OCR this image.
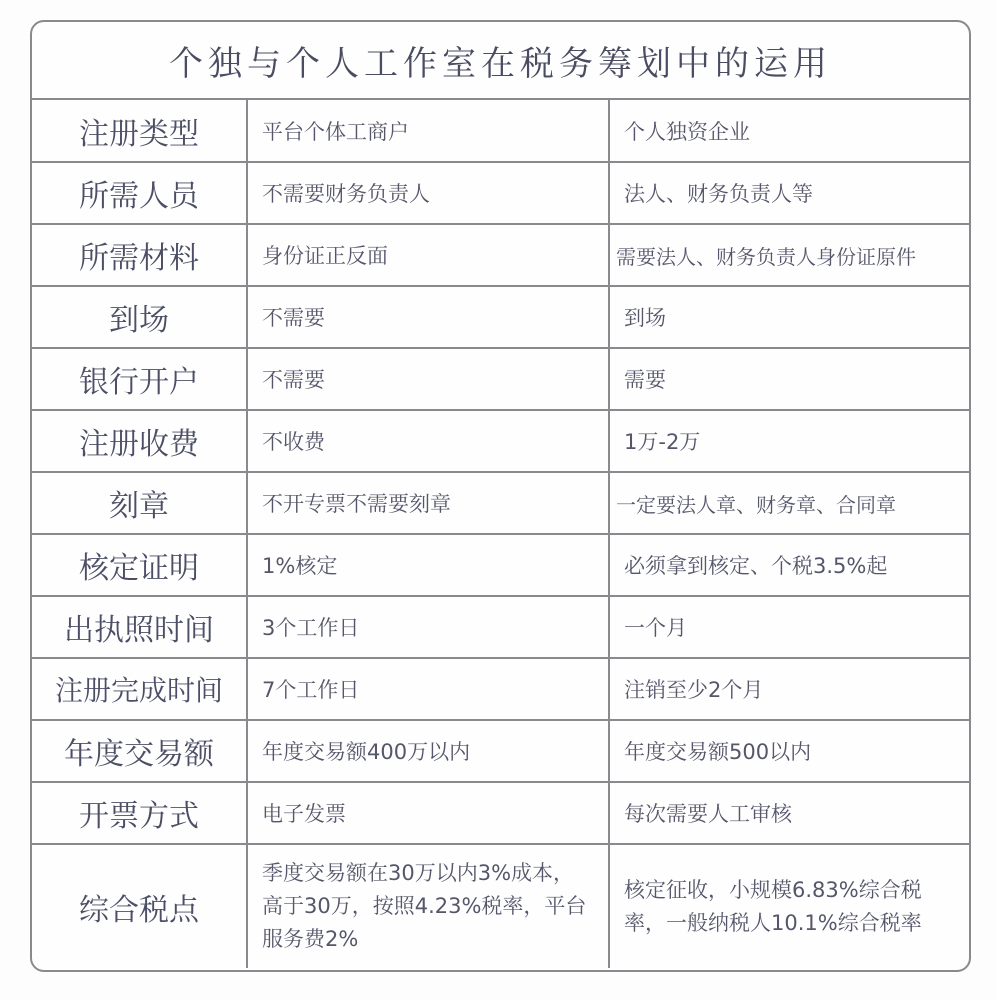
个独与个人工作室在税务筹划中的运用
注册类型	平台个体工商户	个人独资企业
所需人员	不需要财务负责人	法人、财务负责人等
所需材料	身份证正反面	需要法人、财务负责人身份证原件
到场	不需要	到场
银行开户	不需要	需要
注册收费	不收费	1万-2万
刻章	不开专票不需要刻章	一定要法人章、财务章、合同章
核定证明	1%核定	必须拿到核定、个税3.5%起
出执照时间	3个工作日	一个月
注册完成时间	7个工作日	注销至少2个月
年度交易额	年度交易额400万以内	年度交易额500以内
开票方式	电子发票	每次需要人工审核
综合税点	季度交易额在30万以内3%成本，高于30万，按照4.23%税率，平台服务费2%	核定征收，小规模6.83%综合税率，一般纳税人10.1%综合税率
